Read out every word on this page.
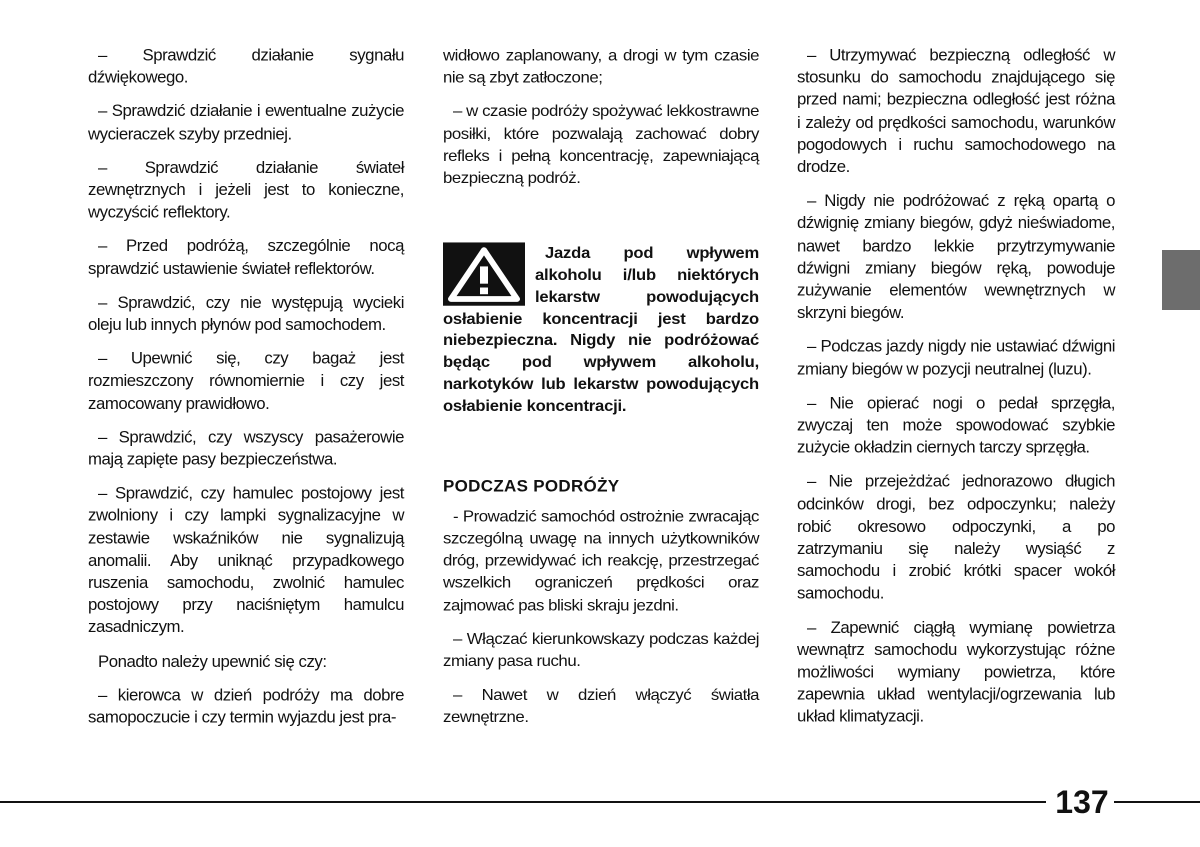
– Sprawdzić działanie sygnału dźwiękowego.

– Sprawdzić działanie i ewentualne zużycie wycieraczek szyby przedniej.

– Sprawdzić działanie świateł zewnętrznych i jeżeli jest to konieczne, wyczyścić reflektory.

– Przed podróżą, szczególnie nocą sprawdzić ustawienie świateł reflektorów.

– Sprawdzić, czy nie występują wycieki oleju lub innych płynów pod samochodem.

– Upewnić się, czy bagaż jest rozmieszczony równomiernie i czy jest zamocowany prawidłowo.

– Sprawdzić, czy wszyscy pasażerowie mają zapięte pasy bezpieczeństwa.

– Sprawdzić, czy hamulec postojowy jest zwolniony i czy lampki sygnalizacyjne w zestawie wskaźników nie sygnalizują anomalii. Aby uniknąć przypadkowego ruszenia samochodu, zwolnić hamulec postojowy przy naciśniętym hamulcu zasadniczym.

Ponadto należy upewnić się czy:

– kierowca w dzień podróży ma dobre samopoczucie i czy termin wyjazdu jest pra-

widłowo zaplanowany, a drogi w tym czasie nie są zbyt zatłoczone;

– w czasie podróży spożywać lekkostrawne posiłki, które pozwalają zachować dobry refleks i pełną koncentrację, zapewniającą bezpieczną podróż.

Jazda pod wpływem alkoholu i/lub niektórych lekarstw powodujących osłabienie koncentracji jest bardzo niebezpieczna. Nigdy nie podróżować będąc pod wpływem alkoholu, narkotyków lub lekarstw powodujących osłabienie koncentracji.

PODCZAS PODRÓŻY

- Prowadzić samochód ostrożnie zwracając szczególną uwagę na innych użytkowników dróg, przewidywać ich reakcję, przestrzegać wszelkich ograniczeń prędkości oraz zajmować pas bliski skraju jezdni.

– Włączać kierunkowskazy podczas każdej zmiany pasa ruchu.

– Nawet w dzień włączyć światła zewnętrzne.

– Utrzymywać bezpieczną odległość w stosunku do samochodu znajdującego się przed nami; bezpieczna odległość jest różna i zależy od prędkości samochodu, warunków pogodowych i ruchu samochodowego na drodze.

– Nigdy nie podróżować z ręką opartą o dźwignię zmiany biegów, gdyż nieświadome, nawet bardzo lekkie przytrzymywanie dźwigni zmiany biegów ręką, powoduje zużywanie elementów wewnętrznych w skrzyni biegów.

– Podczas jazdy nigdy nie ustawiać dźwigni zmiany biegów w pozycji neutralnej (luzu).

– Nie opierać nogi o pedał sprzęgła, zwyczaj ten może spowodować szybkie zużycie okładzin ciernych tarczy sprzęgła.

– Nie przejeżdżać jednorazowo długich odcinków drogi, bez odpoczynku; należy robić okresowo odpoczynki, a po zatrzymaniu się należy wysiąść z samochodu i zrobić krótki spacer wokół samochodu.

– Zapewnić ciągłą wymianę powietrza wewnątrz samochodu wykorzystując różne możliwości wymiany powietrza, które zapewnia układ wentylacji/ogrzewania lub układ klimatyzacji.

137
